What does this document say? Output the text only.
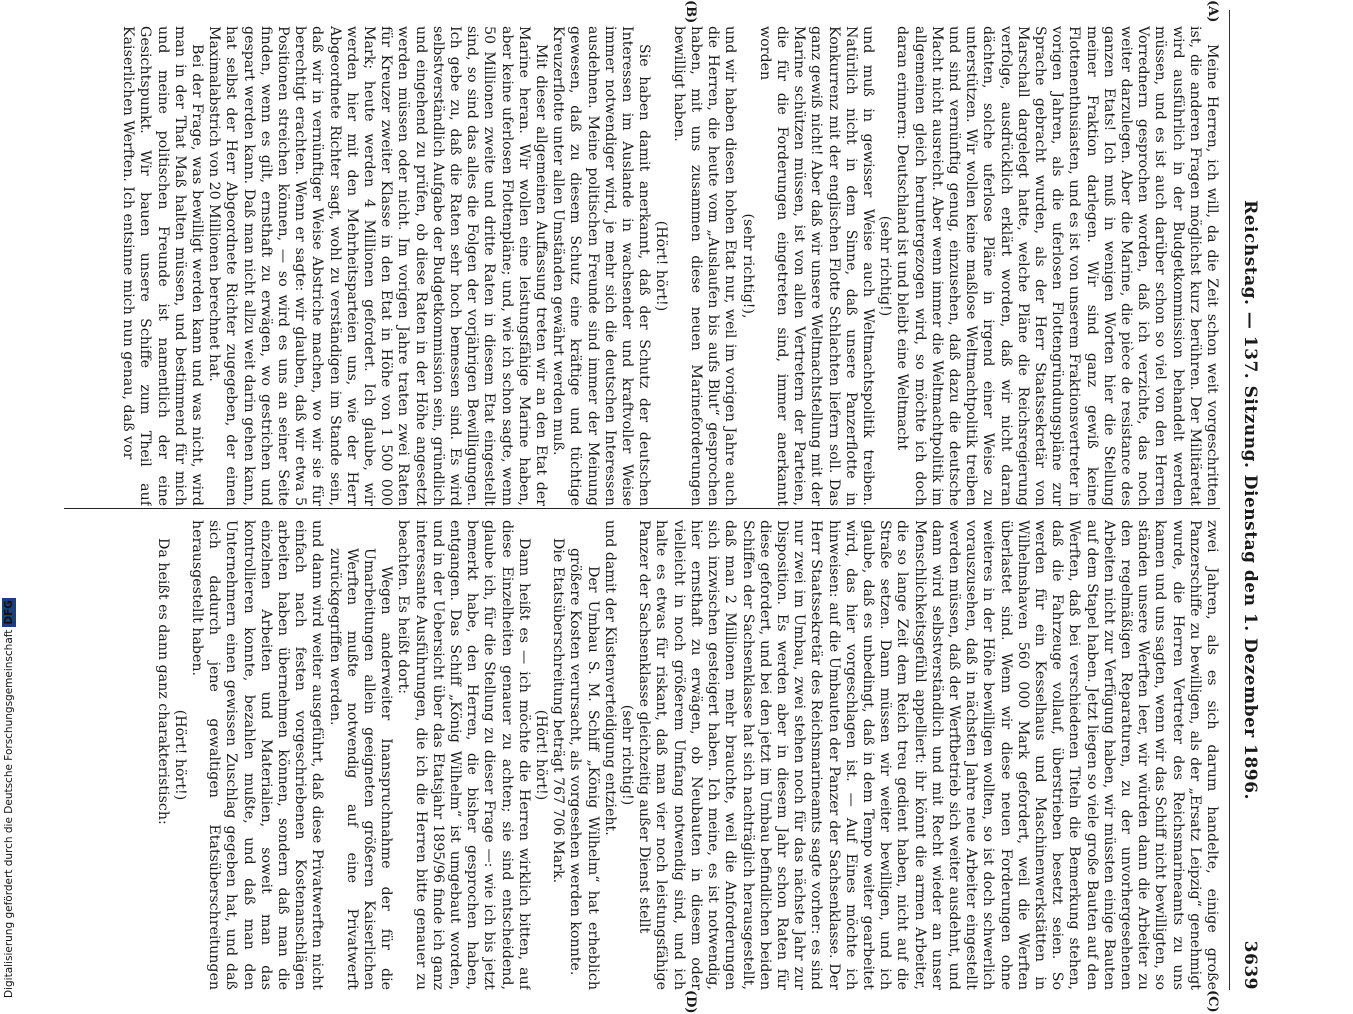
Reichstag. — 137. Sitzung. Dienstag den 1. Dezember 1896.
3639
(A)
(B)
(C)
(D)

Meine Herren, ich will, da die Zeit schon weit vorgeschritten ist, die anderen Fragen möglichst kurz berühren. Der Militäretat wird ausführlich in der Budgetkommission behandelt werden müssen, und es ist auch darüber schon so viel von den Herren Vorrednern gesprochen worden, daß ich verzichte, das noch weiter darzulegen. Aber die Marine, die pièce de resistance des ganzen Etats! Ich muß in wenigen Worten hier die Stellung meiner Fraktion darlegen. Wir sind ganz gewiß keine Flottenenthusiasten, und es ist von unserem Fraktionsvertreter in vorigen Jahren, als die uferlosen Flottengründungspläne zur Sprache gebracht wurden, als der Herr Staatssekretär von Marschall dargelegt hatte, welche Pläne die Reichsregierung verfolge, ausdrücklich erklärt worden, daß wir nicht daran dächten, solche uferlose Pläne in irgend einer Weise zu unterstützen. Wir wollen keine maßlose Weltmachtpolitik treiben und sind vernünftig genug, einzusehen, daß dazu die deutsche Macht nicht ausreicht. Aber wenn immer die Weltmachtpolitik im allgemeinen gleich heruntergezogen wird, so möchte ich doch daran erinnern: Deutschland ist und bleibt eine Weltmacht

(sehr richtig!)

und muß in gewisser Weise auch Weltmachtspolitik treiben. Natürlich nicht in dem Sinne, daß unsere Panzerflotte in Konkurrenz mit der englischen Flotte Schlachten liefern soll. Das ganz gewiß nicht! Aber daß wir unsere Weltmachtstellung mit der Marine schützen müssen, ist von allen Vertretern der Parteien, die für die Forderungen eingetreten sind, immer anerkannt worden

(sehr richtig!),

und wir haben diesen hohen Etat nur, weil im vorigen Jahre auch die Herren, die heute vom „Auslaufen bis aufs Blut“ gesprochen haben, mit uns zusammen diese neuen Marineforderungen bewilligt haben.

(Hört! hört!)

Sie haben damit anerkannt, daß der Schutz der deutschen Interessen im Auslande in wachsender und kraftvoller Weise immer notwendiger wird, je mehr sich die deutschen Interessen ausdehnen. Meine politischen Freunde sind immer der Meinung gewesen, daß zu diesem Schutz eine kräftige und tüchtige Kreuzerflotte unter allen Umständen gewährt werden muß.

Mit dieser allgemeinen Auffassung treten wir an den Etat der Marine heran. Wir wollen eine leistungsfähige Marine haben, aber keine uferlosen Flottenpläne; und, wie ich schon sagte, wenn 50 Millionen zweite und dritte Raten in diesem Etat eingestellt sind, so sind das alles die Folgen der vorjährigen Bewilligungen. Ich gebe zu, daß die Raten sehr hoch bemessen sind. Es wird selbstverständlich Aufgabe der Budgetkommission sein, gründlich und eingehend zu prüfen, ob diese Raten in der Höhe angesetzt werden müssen oder nicht. Im vorigen Jahre traten zwei Raten für Kreuzer zweiter Klasse in den Etat in Höhe von 1 500 000 Mark; heute werden 4 Millionen gefordert. Ich glaube, wir werden hier mit den Mehrheitsparteien uns, wie der Herr Abgeordnete Richter sagt, wohl zu verständigen im Stande sein, daß wir in vernünftiger Weise Abstriche machen, wo wir sie für berechtigt erachten. Wenn er sagte: wir glauben, daß wir etwa 5 Positionen streichen können, — so wird es uns an seiner Seite finden, wenn es gilt, ernsthaft zu erwägen, wo gestrichen und gespart werden kann. Daß man nicht allzu weit darin gehen kann, hat selbst der Herr Abgeordnete Richter zugegeben, der einen Maximalabstrich von 20 Millionen berechnet hat.

Bei der Frage, was bewilligt werden kann und was nicht, wird man in der That Maß halten müssen, und bestimmend für mich und meine politischen Freunde ist namentlich der eine Gesichtspunkt. Wir bauen unsere Schiffe zum Theil auf Kaiserlichen Werften. Ich entsinne mich nun genau, daß vor

zwei Jahren, als es sich darum handelte, einige große Panzerschiffe zu bewilligen, als der „Ersatz Leipzig“ genehmigt wurde, die Herren Vertreter des Reichsmarineamts zu uns kamen und uns sagten, wenn wir das Schiff nicht bewilligten, so ständen unsere Werften leer, wir würden dann die Arbeiter zu den regelmäßigen Reparaturen, zu der unvorhergesehenen Arbeiten nicht zur Verfügung haben, wir müssten einige Bauten auf dem Stapel haben. Jetzt liegen so viele große Bauten auf den Werften, daß bei verschiedenen Titeln die Bemerkung stehen, daß die Fahrzeuge vollauf, überstrieben besetzt seien. So werden für ein Kesselhaus und Maschinenwerkstätten in Wilhelmshaven 560 000 Mark gefordert, weil die Werften überlastet sind. Wenn wir diese neuen Forderungen ohne weiteres in der Höhe bewilligen wollten, so ist doch schwerlich vorauszusehen, daß in nächsten Jahre neue Arbeiter eingestellt werden müssen, daß der Werftbetrieb sich weiter ausdehnt, und dann wird selbstverständlich und mit Recht wieder an unser Menschlichkeitsgefühl appelliert: ihr könnt die armen Arbeiter, die so lange Zeit dem Reich treu gedient haben, nicht auf die Straße setzen. Dann müssen wir weiter bewilligen, und ich glaube, daß es unbedingt, daß in dem Tempo weiter gearbeitet wird, das hier vorgeschlagen ist. — Auf Eines möchte ich hinweisen: auf die Umbauten der Panzer der Sachsenklasse. Der Herr Staatssekretär des Reichsmarineamts sagte vorher: es sind nur zwei im Umbau, zwei stehen noch für das nächste Jahr zur Disposition. Es werden aber in diesem Jahr schon Raten für diese gefordert, und bei den jetzt im Umbau befindlichen beiden Schiffen der Sachsenklasse hat sich nachträglich herausgestellt, daß man 2 Millionen mehr brauchte, weil die Anforderungen sich inzwischen gesteigert haben. Ich meine, es ist notwendig, hier ernsthaft zu erwägen, ob Neubauten in diesem oder vielleicht in noch größerem Umfang notwendig sind, und ich halte es etwas für riskant, daß man vier noch leistungsfähige Panzer der Sachsenklasse gleichzeitig außer Dienst stellt

(sehr richtig!)

und damit der Küstenverteidigung entzieht.

Der Umbau S. M. Schiff „König Wilhelm“ hat erheblich größere Kosten verursacht, als vorgesehen werden konnte.

Die Etatsüberschreitung beträgt 767 706 Mark.

(Hört! hört!)

Dann heißt es — ich möchte die Herren wirklich bitten, auf diese Einzelheiten genauer zu achten; sie sind entscheidend, glaube ich, für die Stellung zu dieser Frage —: wie ich bis jetzt bemerkt habe, den Herren, die bisher gesprochen haben, entgangen. Das Schiff „König Wilhelm“ ist umgebaut worden, und in der Uebersicht über das Etatsjahr 1895/96 finde ich ganz interessante Ausführungen, die ich die Herren bitte genauer zu beachten. Es heißt dort:

Wegen anderweiter Inanspruchnahme der für die Umarbeitungen allein geeigneten größeren Kaiserlichen Werften mußte notwendig auf eine Privatwerft zurückgegriffen werden.

und dann wird weiter ausgeführt, daß diese Privatwerften nicht einfach nach festen vorgeschriebenen Kostenanschlägen arbeiten haben übernehmen können, sondern daß man die einzelnen Arbeiten und Materialien, soweit man das kontrollieren konnte, bezahlen mußte, und daß man den Unternehmern einen gewissen Zuschlag gegeben hat, und daß sich dadurch jene gewaltigen Etatsüberschreitungen herausgestellt haben.

(Hört! hört!)

Da heißt es dann ganz charakteristisch:

Digitalisierung gefördert durch die Deutsche ForschungsgemeinschaftDFG
